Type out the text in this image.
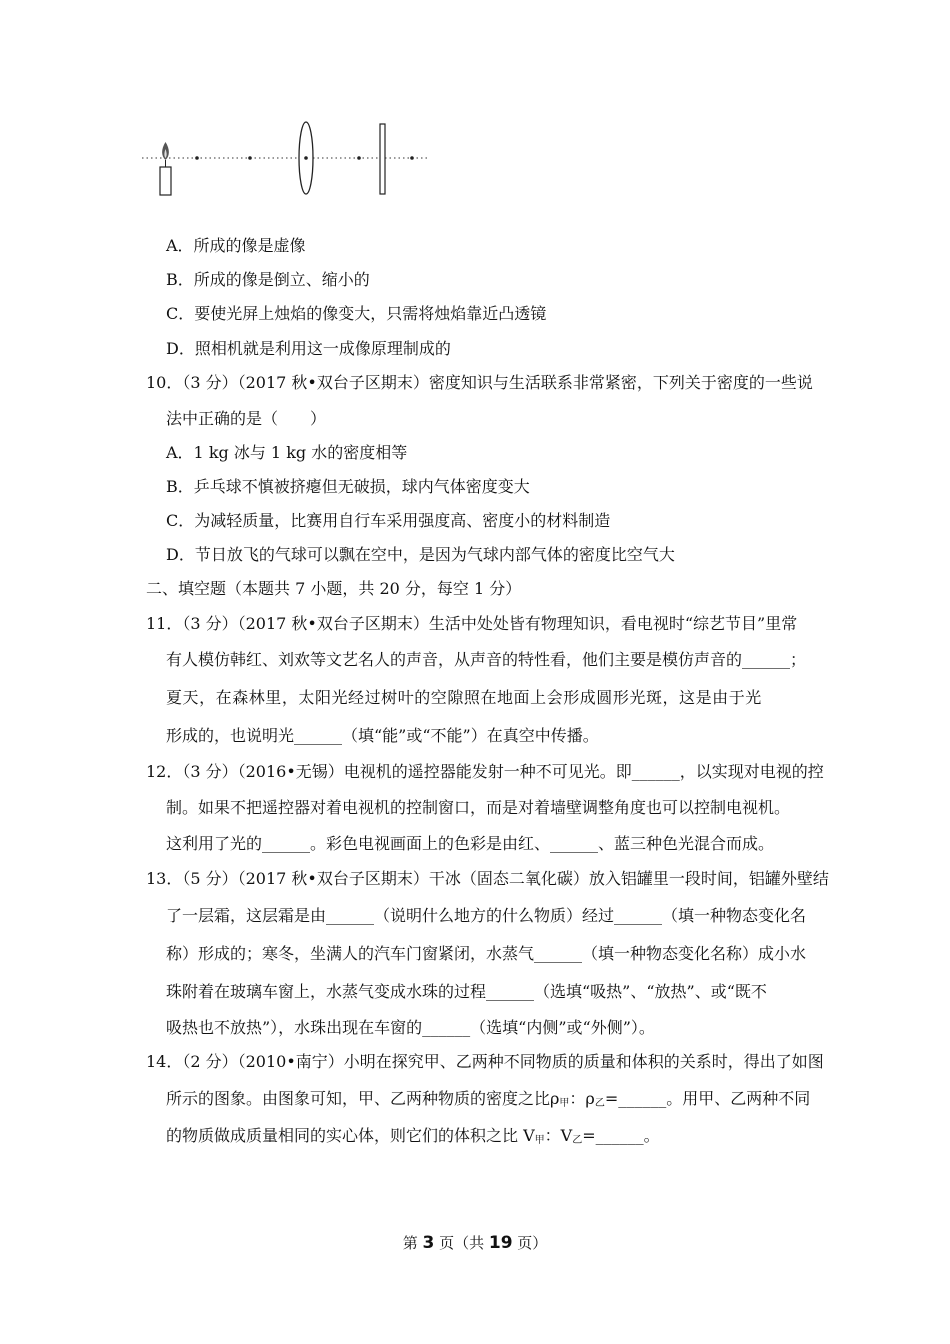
A．所成的像是虚像
B．所成的像是倒立、缩小的
C．要使光屏上烛焰的像变大，只需将烛焰靠近凸透镜
D．照相机就是利用这一成像原理制成的
10．（3 分）（2017 秋•双台子区期末）密度知识与生活联系非常紧密，下列关于密度的一些说
法中正确的是（　　）
A．1 kg 冰与 1 kg 水的密度相等
B．乒乓球不慎被挤瘪但无破损，球内气体密度变大
C．为减轻质量，比赛用自行车采用强度高、密度小的材料制造
D．节日放飞的气球可以飘在空中，是因为气球内部气体的密度比空气大
二、填空题（本题共 7 小题，共 20 分，每空 1 分）
11．（3 分）（2017 秋•双台子区期末）生活中处处皆有物理知识，看电视时“综艺节目”里常
有人模仿韩红、刘欢等文艺名人的声音，从声音的特性看，他们主要是模仿声音的______；
夏天，在森林里，太阳光经过树叶的空隙照在地面上会形成圆形光斑，这是由于光
形成的，也说明光______（填“能”或“不能”）在真空中传播。
12．（3 分）（2016•无锡）电视机的遥控器能发射一种不可见光。即______，以实现对电视的控
制。如果不把遥控器对着电视机的控制窗口，而是对着墙壁调整角度也可以控制电视机。
这利用了光的______。彩色电视画面上的色彩是由红、______、蓝三种色光混合而成。
13．（5 分）（2017 秋•双台子区期末）干冰（固态二氧化碳）放入铝罐里一段时间，铝罐外壁结
了一层霜，这层霜是由______（说明什么地方的什么物质）经过______（填一种物态变化名
称）形成的；寒冬，坐满人的汽车门窗紧闭，水蒸气______（填一种物态变化名称）成小水
珠附着在玻璃车窗上，水蒸气变成水珠的过程______（选填“吸热”、“放热”、或“既不
吸热也不放热”），水珠出现在车窗的______（选填“内侧”或“外侧”）。
14．（2 分）（2010•南宁）小明在探究甲、乙两种不同物质的质量和体积的关系时，得出了如图
所示的图象。由图象可知，甲、乙两种物质的密度之比$\rho_甲$：$\rho_乙=\_\_\_\_\_\_$。用甲、乙两种不同
的物质做成质量相同的实心体，则它们的体积之比 $V_甲$：$V_乙=\_\_\_\_\_\_$。
第 3 页（共 19 页）
